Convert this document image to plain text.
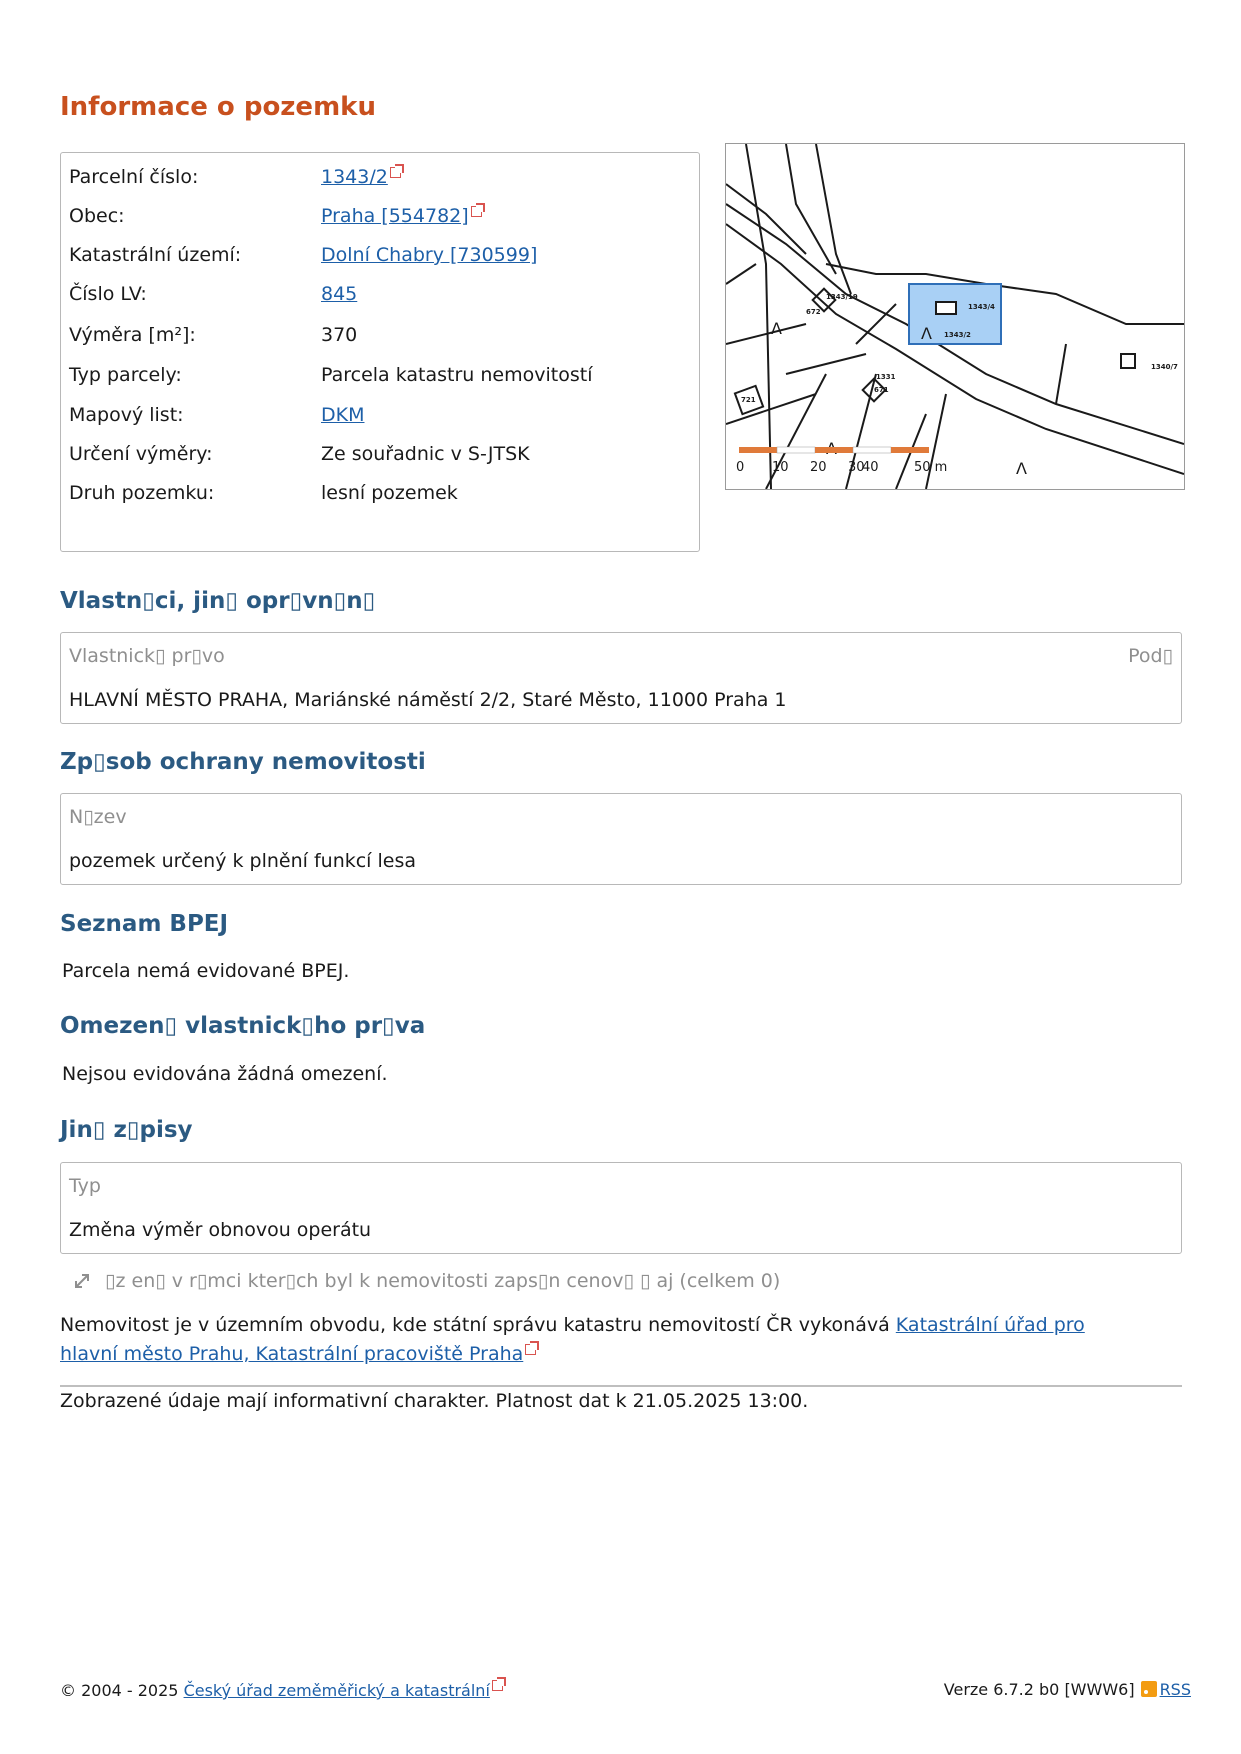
Informace o pozemku
Parcelní číslo:	1343/2
Obec:	Praha [554782]
Katastrální území:	Dolní Chabry [730599]
Číslo LV:	845
Výměra [m²]:	370
Typ parcely:	Parcela katastru nemovitostí
Mapový list:	DKM
Určení výměry:	Ze souřadnic v S-JTSK
Druh pozemku:	lesní pozemek
1343/4
1343/2
1343/19
1340/7
1331
672
671
721
Λ	Λ
Λ
0 10 20 30
40	50 m
Vlastn▯ci, jin▯ opr▯vn▯n▯
Vlastnick▯ pr▯vo	Pod▯
HLAVNÍ MĚSTO PRAHA, Mariánské náměstí 2/2, Staré Město, 11000 Praha 1
Zp▯sob ochrany nemovitosti
N▯zev
pozemek určený k plnění funkcí lesa
Seznam BPEJ
Parcela nemá evidované BPEJ.
Omezen▯ vlastnick▯ho pr▯va
Nejsou evidována žádná omezení.
Jin▯ z▯pisy
Typ
Změna výměr obnovou operátu
▯z en▯ v r▯mci kter▯ch byl k nemovitosti zaps▯n cenov▯ ▯ aj (celkem 0)
Nemovitost je v územním obvodu, kde státní správu katastru nemovitostí ČR vykonává Katastrální úřad pro hlavní město Prahu, Katastrální pracoviště Praha
Zobrazené údaje mají informativní charakter. Platnost dat k 21.05.2025 13:00.
© 2004 - 2025 Český úřad zeměměřický a katastrální	Verze 6.7.2 b0 [WWW6] RSS
